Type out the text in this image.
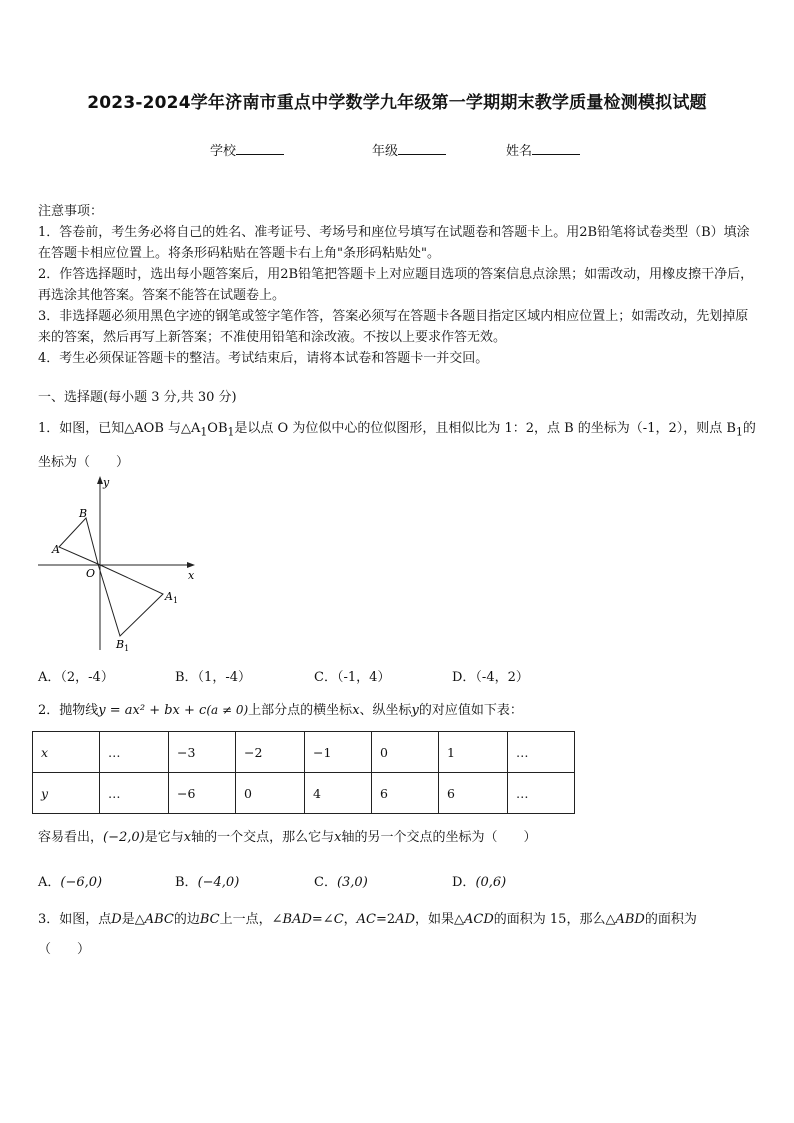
2023-2024学年济南市重点中学数学九年级第一学期期末教学质量检测模拟试题
学校	年级	姓名
注意事项：
1．答卷前，考生务必将自己的姓名、准考证号、考场号和座位号填写在试题卷和答题卡上。用2B铅笔将试卷类型（B）填涂在答题卡相应位置上。将条形码粘贴在答题卡右上角"条形码粘贴处"。
2．作答选择题时，选出每小题答案后，用2B铅笔把答题卡上对应题目选项的答案信息点涂黑；如需改动，用橡皮擦干净后，再选涂其他答案。答案不能答在试题卷上。
3．非选择题必须用黑色字迹的钢笔或签字笔作答，答案必须写在答题卡各题目指定区域内相应位置上；如需改动，先划掉原来的答案，然后再写上新答案；不准使用铅笔和涂改液。不按以上要求作答无效。
4．考生必须保证答题卡的整洁。考试结束后，请将本试卷和答题卡一并交回。
一、选择题(每小题 3 分,共 30 分)
1．如图，已知△AOB 与$\triangle A_1OB_1$是以点 O 为位似中心的位似图形，且相似比为 1：2，点 B 的坐标为（-1，2），则点 $B_1$的坐标为（　　）
y
x
O
A
B
$A_1$
$B_1$
A．（2，-4）	B．（1，-4）	C．（-1，4）	D．（-4，2）
2．抛物线y = ax² + bx + c(a ≠ 0)上部分点的横坐标x、纵坐标y的对应值如下表：
x	…	−3	−2	−1	0	1	…
y	…	−6	0	4	6	6	…
容易看出，(−2,0)是它与x轴的一个交点，那么它与x轴的另一个交点的坐标为（　　）
A．(−6,0)	B．(−4,0)	C．(3,0)	D．(0,6)
3．如图，点D是△ABC的边BC上一点，∠BAD=∠C，AC=2AD，如果△ACD的面积为 15，那么△ABD的面积为
（　　）
